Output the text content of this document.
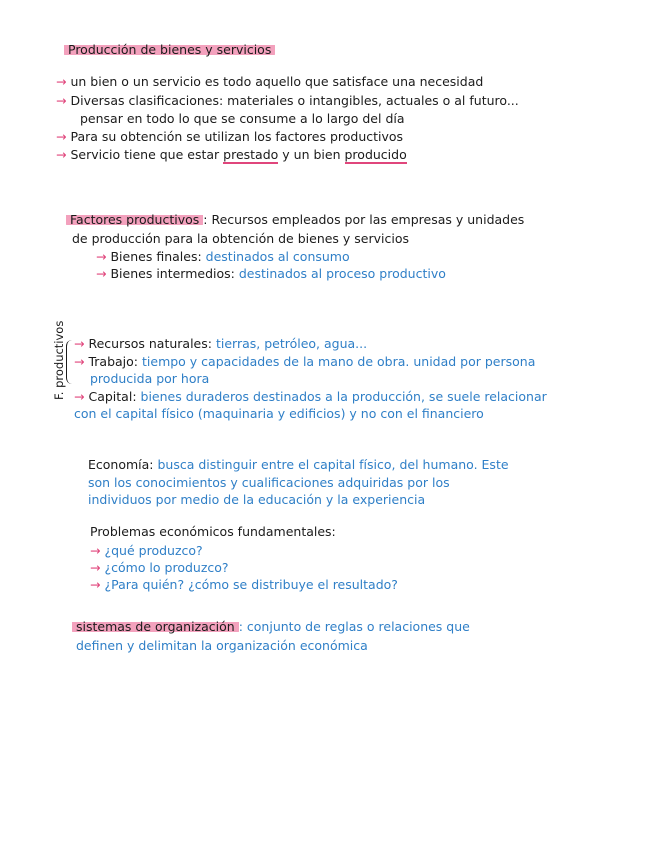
Producción de bienes y servicios
→ un bien o un servicio es todo aquello que satisface una necesidad
→ Diversas clasificaciones: materiales o intangibles, actuales o al futuro...
pensar en todo lo que se consume a lo largo del día
→ Para su obtención se utilizan los factores productivos
→ Servicio tiene que estar prestado y un bien producido
Factores productivos : Recursos empleados por las empresas y unidades
de producción para la obtención de bienes y servicios
→ Bienes finales: destinados al consumo
→ Bienes intermedios: destinados al proceso productivo
F. productivos → Recursos naturales: tierras, petróleo, agua...
→ Trabajo: tiempo y capacidades de la mano de obra. unidad por persona
producida por hora
→ Capital: bienes duraderos destinados a la producción, se suele relacionar
con el capital físico (maquinaria y edificios) y no con el financiero
Economía: busca distinguir entre el capital físico, del humano. Este
son los conocimientos y cualificaciones adquiridas por los
individuos por medio de la educación y la experiencia
Problemas económicos fundamentales:
→ ¿qué produzco?
→ ¿cómo lo produzco?
→ ¿Para quién? ¿cómo se distribuye el resultado?
sistemas de organización : conjunto de reglas o relaciones que
definen y delimitan la organización económica
